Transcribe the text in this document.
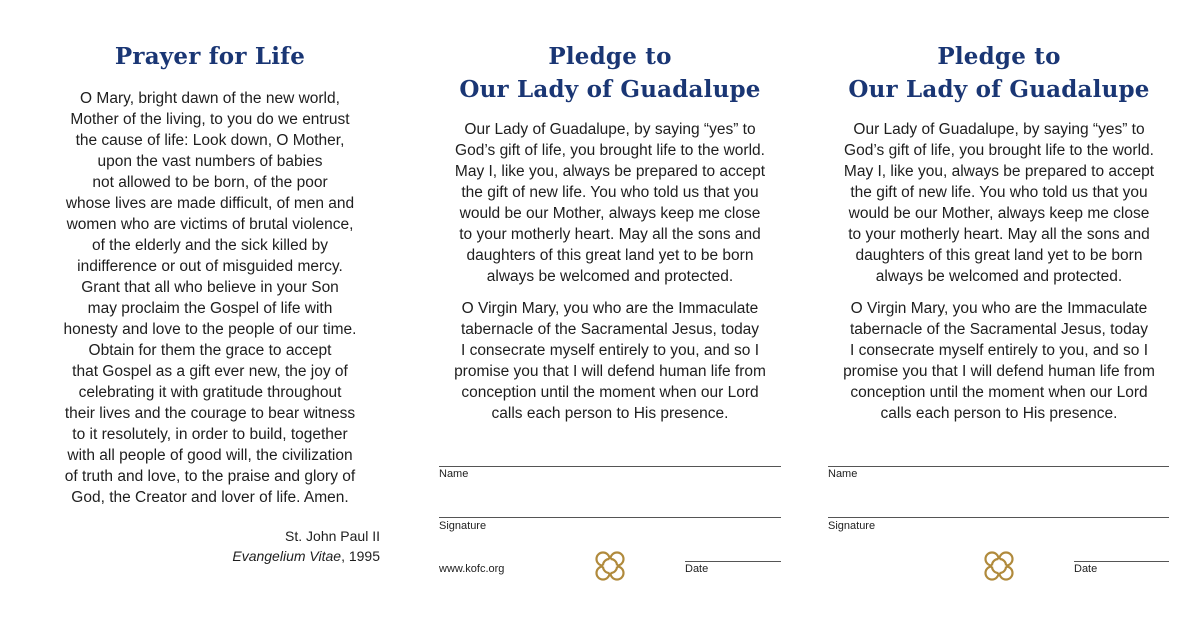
Prayer for Life

O Mary, bright dawn of the new world,
Mother of the living, to you do we entrust
the cause of life: Look down, O Mother,
upon the vast numbers of babies
not allowed to be born, of the poor
whose lives are made difficult, of men and
women who are victims of brutal violence,
of the elderly and the sick killed by
indifference or out of misguided mercy.
Grant that all who believe in your Son
may proclaim the Gospel of life with
honesty and love to the people of our time.
Obtain for them the grace to accept
that Gospel as a gift ever new, the joy of
celebrating it with gratitude throughout
their lives and the courage to bear witness
to it resolutely, in order to build, together
with all people of good will, the civilization
of truth and love, to the praise and glory of
God, the Creator and lover of life. Amen.

St. John Paul II
Evangelium Vitae, 1995
Pledge to
Our Lady of Guadalupe

Our Lady of Guadalupe, by saying “yes” to
God’s gift of life, you brought life to the world.
May I, like you, always be prepared to accept
the gift of new life. You who told us that you
would be our Mother, always keep me close
to your motherly heart. May all the sons and
daughters of this great land yet to be born
always be welcomed and protected.

O Virgin Mary, you who are the Immaculate
tabernacle of the Sacramental Jesus, today
I consecrate myself entirely to you, and so I
promise you that I will defend human life from
conception until the moment when our Lord
calls each person to His presence.

Name
Signature
www.kofc.org	Date
Pledge to
Our Lady of Guadalupe

Our Lady of Guadalupe, by saying “yes” to
God’s gift of life, you brought life to the world.
May I, like you, always be prepared to accept
the gift of new life. You who told us that you
would be our Mother, always keep me close
to your motherly heart. May all the sons and
daughters of this great land yet to be born
always be welcomed and protected.

O Virgin Mary, you who are the Immaculate
tabernacle of the Sacramental Jesus, today
I consecrate myself entirely to you, and so I
promise you that I will defend human life from
conception until the moment when our Lord
calls each person to His presence.

Name
Signature
Date
